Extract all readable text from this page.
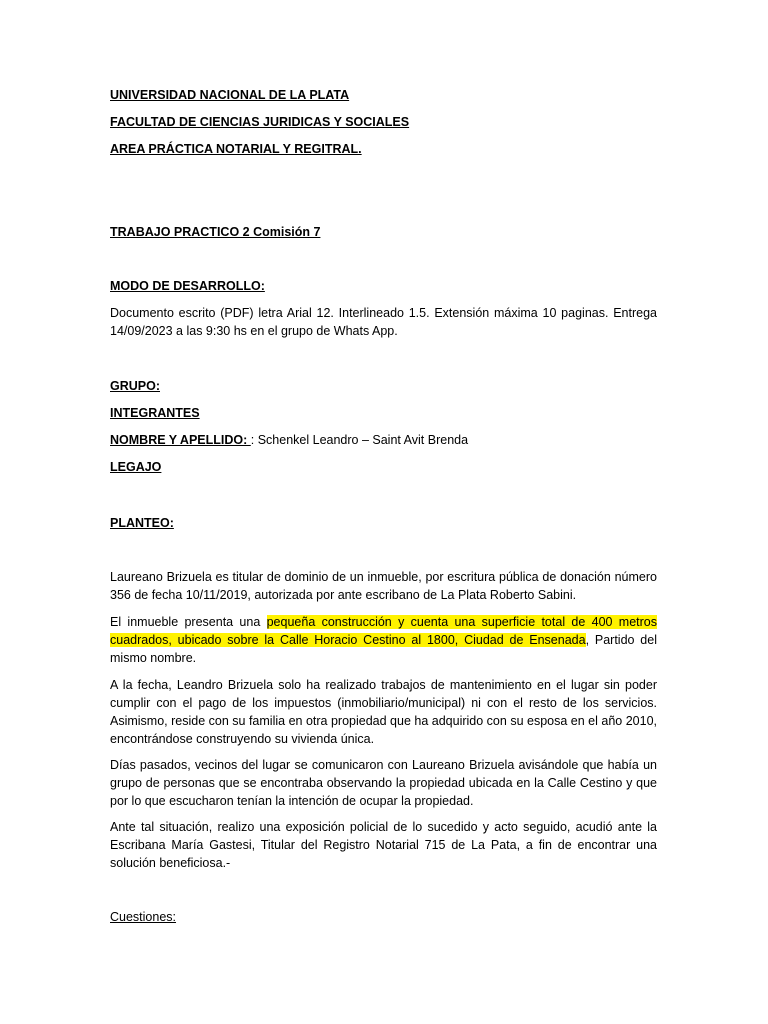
UNIVERSIDAD NACIONAL DE LA PLATA
FACULTAD DE CIENCIAS JURIDICAS Y SOCIALES
AREA PRÁCTICA NOTARIAL Y REGITRAL.
TRABAJO PRACTICO 2 Comisión 7
MODO DE DESARROLLO:
Documento escrito (PDF) letra Arial 12. Interlineado 1.5. Extensión máxima 10 paginas. Entrega 14/09/2023 a las 9:30 hs en el grupo de Whats App.
GRUPO:
INTEGRANTES
NOMBRE Y APELLIDO: : Schenkel Leandro – Saint Avit Brenda
LEGAJO
PLANTEO:
Laureano Brizuela es titular de dominio de un inmueble, por escritura pública de donación número 356 de fecha 10/11/2019, autorizada por ante escribano de La Plata Roberto Sabini.
El inmueble presenta una pequeña construcción y cuenta una superficie total de 400 metros cuadrados, ubicado sobre la Calle Horacio Cestino al 1800, Ciudad de Ensenada, Partido del mismo nombre.
A la fecha, Leandro Brizuela solo ha realizado trabajos de mantenimiento en el lugar sin poder cumplir con el pago de los impuestos (inmobiliario/municipal) ni con el resto de los servicios. Asimismo, reside con su familia en otra propiedad que ha adquirido con su esposa en el año 2010, encontrándose construyendo su vivienda única.
Días pasados, vecinos del lugar se comunicaron con Laureano Brizuela avisándole que había un grupo de personas que se encontraba observando la propiedad ubicada en la Calle Cestino y que por lo que escucharon tenían la intención de ocupar la propiedad.
Ante tal situación, realizo una exposición policial de lo sucedido y acto seguido, acudió ante la Escribana María Gastesi, Titular del Registro Notarial 715 de La Pata, a fin de encontrar una solución beneficiosa.-
Cuestiones:
